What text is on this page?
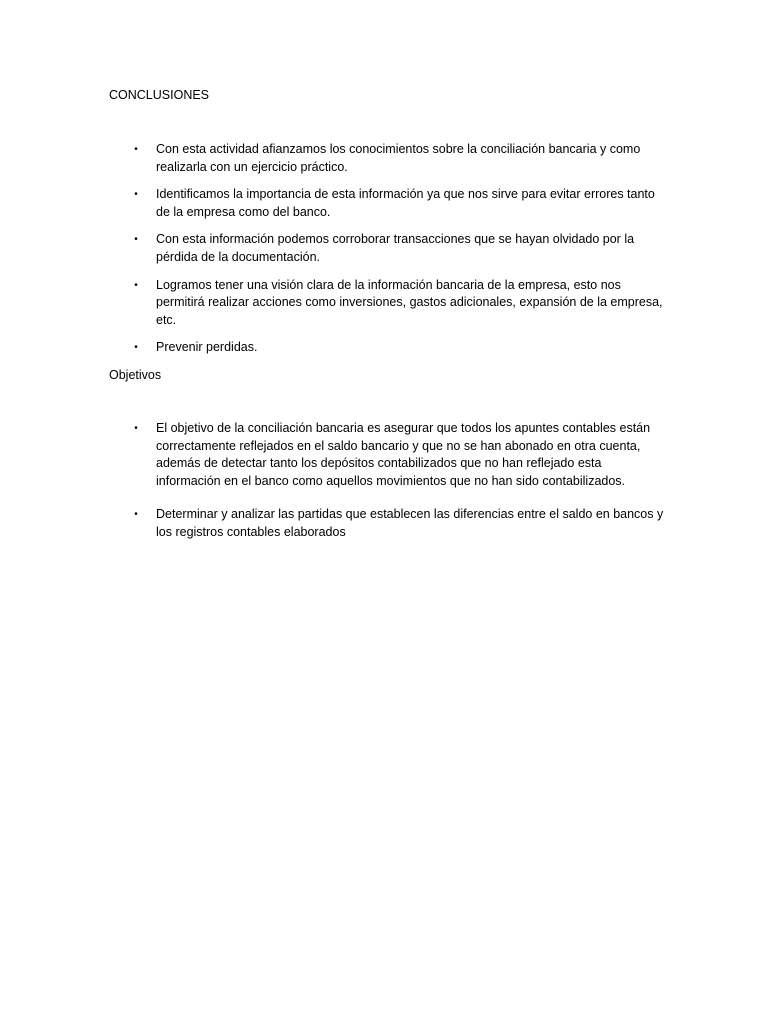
CONCLUSIONES
• Con esta actividad afianzamos los conocimientos sobre la conciliación bancaria y como realizarla con un ejercicio práctico.
• Identificamos la importancia de esta información ya que nos sirve para evitar errores tanto de la empresa como del banco.
• Con esta información podemos corroborar transacciones que se hayan olvidado por la pérdida de la documentación.
• Logramos tener una visión clara de la información bancaria de la empresa, esto nos permitirá realizar acciones como inversiones, gastos adicionales, expansión de la empresa, etc.
• Prevenir perdidas.
Objetivos
• El objetivo de la conciliación bancaria es asegurar que todos los apuntes contables están correctamente reflejados en el saldo bancario y que no se han abonado en otra cuenta, además de detectar tanto los depósitos contabilizados que no han reflejado esta información en el banco como aquellos movimientos que no han sido contabilizados.
• Determinar y analizar las partidas que establecen las diferencias entre el saldo en bancos y los registros contables elaborados
